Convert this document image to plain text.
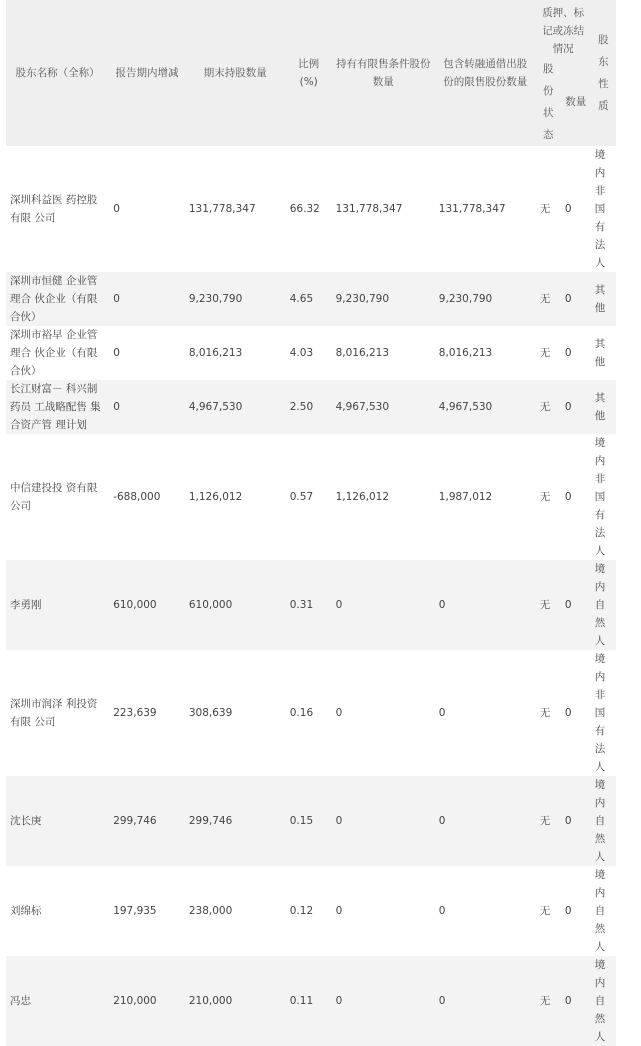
股东名称（全称）	报告期内增减	期末持股数量	比例(%)	持有有限售条件股份数量	包含转融通借出股份的限售股份数量	质押、标记或冻结情况		股东性质
						股份状态	数量	
深圳科益医 药控股有限 公司	0	131,778,347	66.32	131,778,347	131,778,347	无	0	境内非国有法人
深圳市恒健 企业管理合 伙企业（有限合伙）	0	9,230,790	4.65	9,230,790	9,230,790	无	0	其他
深圳市裕早 企业管理合 伙企业（有限合伙）	0	8,016,213	4.03	8,016,213	8,016,213	无	0	其他
长江财富－ 科兴制药员 工战略配售 集合资产管 理计划	0	4,967,530	2.50	4,967,530	4,967,530	无	0	其他
中信建投投 资有限公司	-688,000	1,126,012	0.57	1,126,012	1,987,012	无	0	境内非国有法人
李勇刚	610,000	610,000	0.31	0	0	无	0	境内自然人
深圳市润泽 利投资有限 公司	223,639	308,639	0.16	0	0	无	0	境内非国有法人
沈长庚	299,746	299,746	0.15	0	0	无	0	境内自然人
刘绵标	197,935	238,000	0.12	0	0	无	0	境内自然人
冯忠	210,000	210,000	0.11	0	0	无	0	境内自然人
